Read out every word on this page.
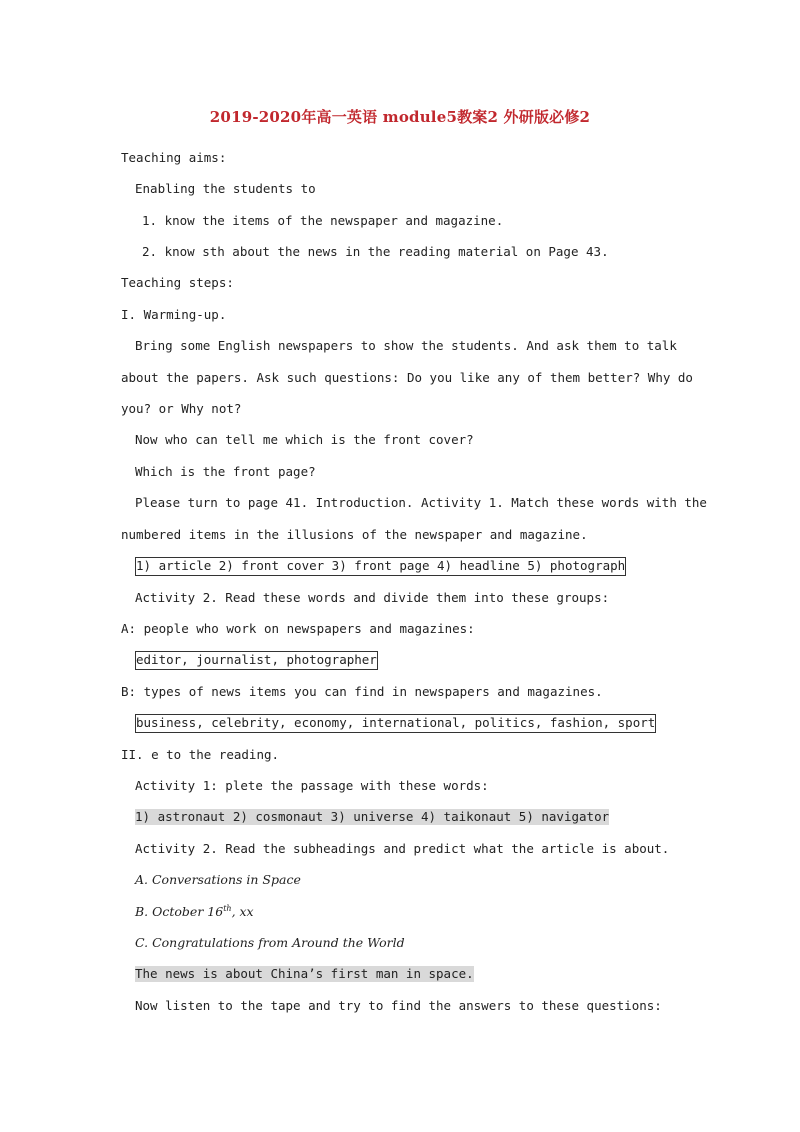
2019-2020年高一英语 module5教案2 外研版必修2
Teaching aims:
Enabling the students to
1. know the items of the newspaper and magazine.
2. know sth about the news in the reading material on Page 43.
Teaching steps:
I. Warming-up.
Bring some English newspapers to show the students. And ask them to talk
about the papers. Ask such questions: Do you like any of them better? Why do
you? or Why not?
Now who can tell me which is the front cover?
Which is the front page?
Please turn to page 41. Introduction. Activity 1. Match these words with the
numbered items in the illusions of the newspaper and magazine.
1) article 2) front cover 3) front page 4) headline 5) photograph
Activity 2. Read these words and divide them into these groups:
A: people who work on newspapers and magazines:
editor, journalist, photographer
B: types of news items you can find in newspapers and magazines.
business, celebrity, economy, international, politics, fashion, sport
II. e to the reading.
Activity 1: plete the passage with these words:
1) astronaut 2) cosmonaut 3) universe 4) taikonaut 5) navigator
Activity 2. Read the subheadings and predict what the article is about.
A. Conversations in Space
B. October 16th, xx
C. Congratulations from Around the World
The news is about China’s first man in space.
Now listen to the tape and try to find the answers to these questions:
